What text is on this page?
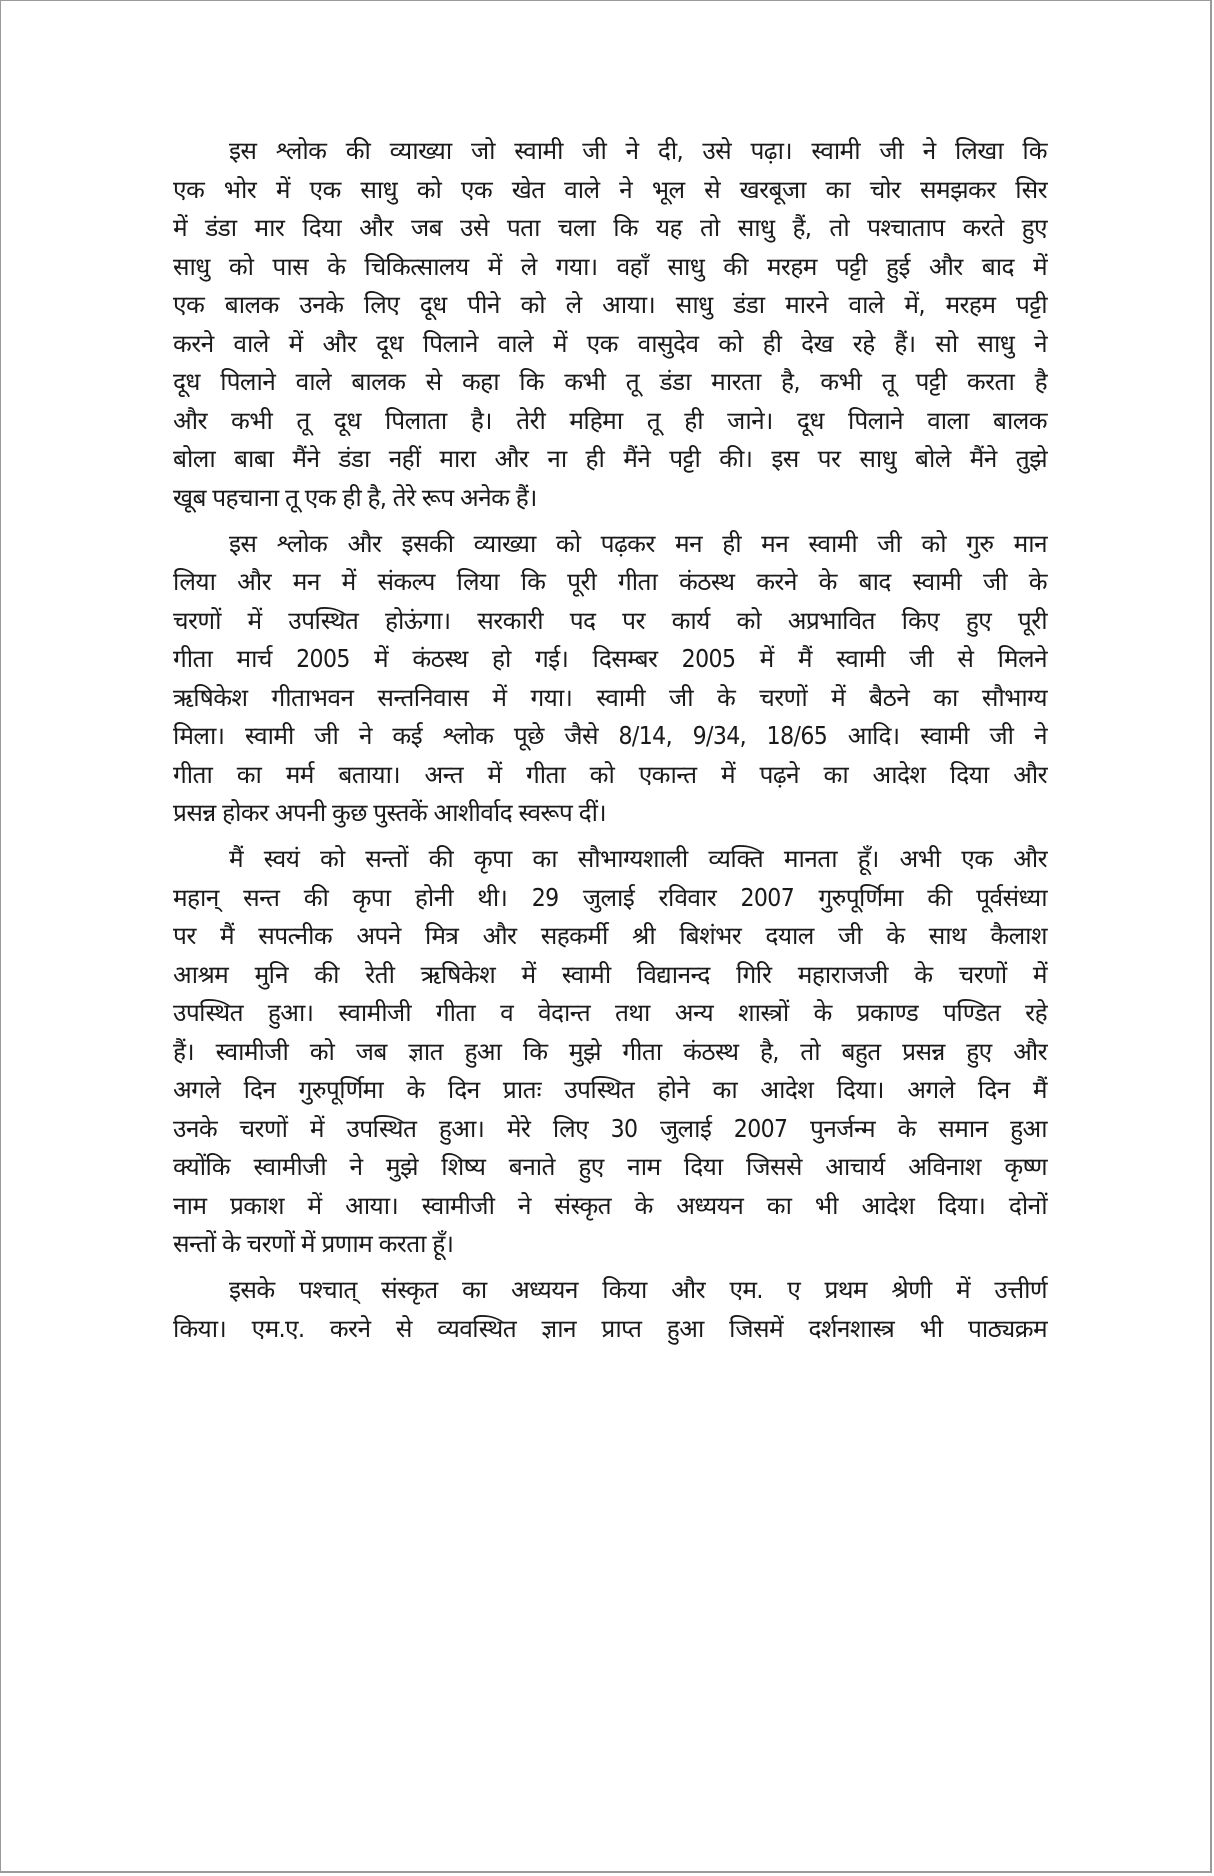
इस श्लोक की व्याख्या जो स्वामी जी ने दी, उसे पढ़ा। स्वामी जी ने लिखा कि
एक भोर में एक साधु को एक खेत वाले ने भूल से खरबूजा का चोर समझकर सिर
में डंडा मार दिया और जब उसे पता चला कि यह तो साधु हैं, तो पश्चाताप करते हुए
साधु को पास के चिकित्सालय में ले गया। वहाँ साधु की मरहम पट्टी हुई और बाद में
एक बालक उनके लिए दूध पीने को ले आया। साधु डंडा मारने वाले में, मरहम पट्टी
करने वाले में और दूध पिलाने वाले में एक वासुदेव को ही देख रहे हैं। सो साधु ने
दूध पिलाने वाले बालक से कहा कि कभी तू डंडा मारता है, कभी तू पट्टी करता है
और कभी तू दूध पिलाता है। तेरी महिमा तू ही जाने। दूध पिलाने वाला बालक
बोला बाबा मैंने डंडा नहीं मारा और ना ही मैंने पट्टी की। इस पर साधु बोले मैंने तुझे
खूब पहचाना तू एक ही है, तेरे रूप अनेक हैं।
इस श्लोक और इसकी व्याख्या को पढ़कर मन ही मन स्वामी जी को गुरु मान
लिया और मन में संकल्प लिया कि पूरी गीता कंठस्थ करने के बाद स्वामी जी के
चरणों में उपस्थित होऊंगा। सरकारी पद पर कार्य को अप्रभावित किए हुए पूरी
गीता मार्च 2005 में कंठस्थ हो गई। दिसम्बर 2005 में मैं स्वामी जी से मिलने
ऋषिकेश गीताभवन सन्तनिवास में गया। स्वामी जी के चरणों में बैठने का सौभाग्य
मिला। स्वामी जी ने कई श्लोक पूछे जैसे 8/14, 9/34, 18/65 आदि। स्वामी जी ने
गीता का मर्म बताया। अन्त में गीता को एकान्त में पढ़ने का आदेश दिया और
प्रसन्न होकर अपनी कुछ पुस्तकें आशीर्वाद स्वरूप दीं।
मैं स्वयं को सन्तों की कृपा का सौभाग्यशाली व्यक्ति मानता हूँ। अभी एक और
महान् सन्त की कृपा होनी थी। 29 जुलाई रविवार 2007 गुरुपूर्णिमा की पूर्वसंध्या
पर मैं सपत्नीक अपने मित्र और सहकर्मी श्री बिशंभर दयाल जी के साथ कैलाश
आश्रम मुनि की रेती ऋषिकेश में स्वामी विद्यानन्द गिरि महाराजजी के चरणों में
उपस्थित हुआ। स्वामीजी गीता व वेदान्त तथा अन्य शास्त्रों के प्रकाण्ड पण्डित रहे
हैं। स्वामीजी को जब ज्ञात हुआ कि मुझे गीता कंठस्थ है, तो बहुत प्रसन्न हुए और
अगले दिन गुरुपूर्णिमा के दिन प्रातः उपस्थित होने का आदेश दिया। अगले दिन मैं
उनके चरणों में उपस्थित हुआ। मेरे लिए 30 जुलाई 2007 पुनर्जन्म के समान हुआ
क्योंकि स्वामीजी ने मुझे शिष्य बनाते हुए नाम दिया जिससे आचार्य अविनाश कृष्ण
नाम प्रकाश में आया। स्वामीजी ने संस्कृत के अध्ययन का भी आदेश दिया। दोनों
सन्तों के चरणों में प्रणाम करता हूँ।
इसके पश्चात् संस्कृत का अध्ययन किया और एम. ए प्रथम श्रेणी में उत्तीर्ण
किया। एम.ए. करने से व्यवस्थित ज्ञान प्राप्त हुआ जिसमें दर्शनशास्त्र भी पाठ्यक्रम
